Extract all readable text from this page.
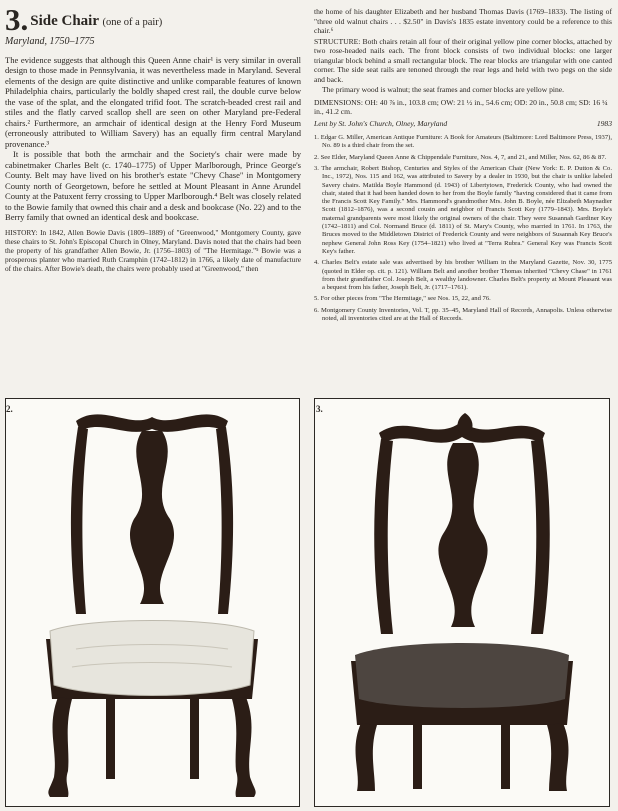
3. Side Chair (one of a pair)
Maryland, 1750–1775

The evidence suggests that although this Queen Anne chair¹ is very similar in overall design to those made in Pennsylvania, it was nevertheless made in Maryland. Several elements of the design are quite distinctive and unlike comparable features of known Philadelphia chairs, particularly the boldly shaped crest rail, the double curve below the vase of the splat, and the elongated trifid foot. The scratch-beaded crest rail and stiles and the flatly carved scallop shell are seen on other Maryland pre-Federal chairs.² Furthermore, an armchair of identical design at the Henry Ford Museum (erroneously attributed to William Savery) has an equally firm central Maryland provenance.³

It is possible that both the armchair and the Society's chair were made by cabinetmaker Charles Belt (c. 1740–1775) of Upper Marlborough, Prince George's County. Belt may have lived on his brother's estate "Chevy Chase" in Montgomery County north of Georgetown, before he settled at Mount Pleasant in Anne Arundel County at the Patuxent ferry crossing to Upper Marlborough.⁴ Belt was closely related to the Bowie family that owned this chair and a desk and bookcase (No. 22) and to the Berry family that owned an identical desk and bookcase.

HISTORY: In 1842, Allen Bowie Davis (1809–1889) of "Greenwood," Montgomery County, gave these chairs to St. John's Episcopal Church in Olney, Maryland. Davis noted that the chairs had been the property of his grandfather Allen Bowie, Jr. (1756–1803) of "The Hermitage."⁵ Bowie was a prosperous planter who married Ruth Cramphin (1742–1812) in 1766, a likely date of manufacture of the chairs. After Bowie's death, the chairs were probably used at "Greenwood," then
the home of his daughter Elizabeth and her husband Thomas Davis (1769–1833). The listing of "three old walnut chairs . . . $2.50" in Davis's 1835 estate inventory could be a reference to this chair.⁶
STRUCTURE: Both chairs retain all four of their original yellow pine corner blocks, attached by two rose-headed nails each. The front block consists of two individual blocks: one larger triangular block behind a small rectangular block. The rear blocks are triangular with one canted corner. The side seat rails are tenoned through the rear legs and held with two pegs on the side and back.
The primary wood is walnut; the seat frames and corner blocks are yellow pine.
DIMENSIONS: OH: 40 ⅞ in., 103.8 cm; OW: 21 ½ in., 54.6 cm; OD: 20 in., 50.8 cm; SD: 16 ¼ in., 41.2 cm.
Lent by St. John's Church, Olney, Maryland	1983
1. Edgar G. Miller, American Antique Furniture: A Book for Amateurs (Baltimore: Lord Baltimore Press, 1937), No. 89 is a third chair from the set.
2. See Elder, Maryland Queen Anne & Chippendale Furniture, Nos. 4, 7, and 21, and Miller, Nos. 62, 86 & 87.
3. The armchair, Robert Bishop, Centuries and Styles of the American Chair (New York: E. P. Dutton & Co. Inc., 1972), Nos. 115 and 162, was attributed to Savery by a dealer in 1930, but the chair is unlike labeled Savery chairs. Matilda Boyle Hammond (d. 1943) of Libertytown, Frederick County, who had owned the chair, stated that it had been handed down to her from the Boyle family "having considered that it came from the Francis Scott Key Family." Mrs. Hammond's grandmother Mrs. John B. Boyle, née Elizabeth Maynadier Scott (1812–1876), was a second cousin and neighbor of Francis Scott Key (1779–1843). Mrs. Boyle's maternal grandparents were most likely the original owners of the chair. They were Susannah Gardiner Key (1742–1811) and Col. Normand Bruce (d. 1811) of St. Mary's County, who married in 1761. In 1763, the Bruces moved to the Middletown District of Frederick County and were neighbors of Susannah Key Bruce's nephew General John Ross Key (1754–1821) who lived at "Terra Rubra." General Key was Francis Scott Key's father.
4. Charles Belt's estate sale was advertised by his brother William in the Maryland Gazette, Nov. 30, 1775 (quoted in Elder op. cit. p. 121). William Belt and another brother Thomas inherited "Chevy Chase" in 1761 from their grandfather Col. Joseph Belt, a wealthy landowner. Charles Belt's property at Mount Pleasant was a bequest from his father, Joseph Belt, Jr. (1717–1761).
5. For other pieces from "The Hermitage," see Nos. 15, 22, and 76.
6. Montgomery County Inventories, Vol. T, pp. 35–45, Maryland Hall of Records, Annapolis. Unless otherwise noted, all inventories cited are at the Hall of Records.
2.	3.
